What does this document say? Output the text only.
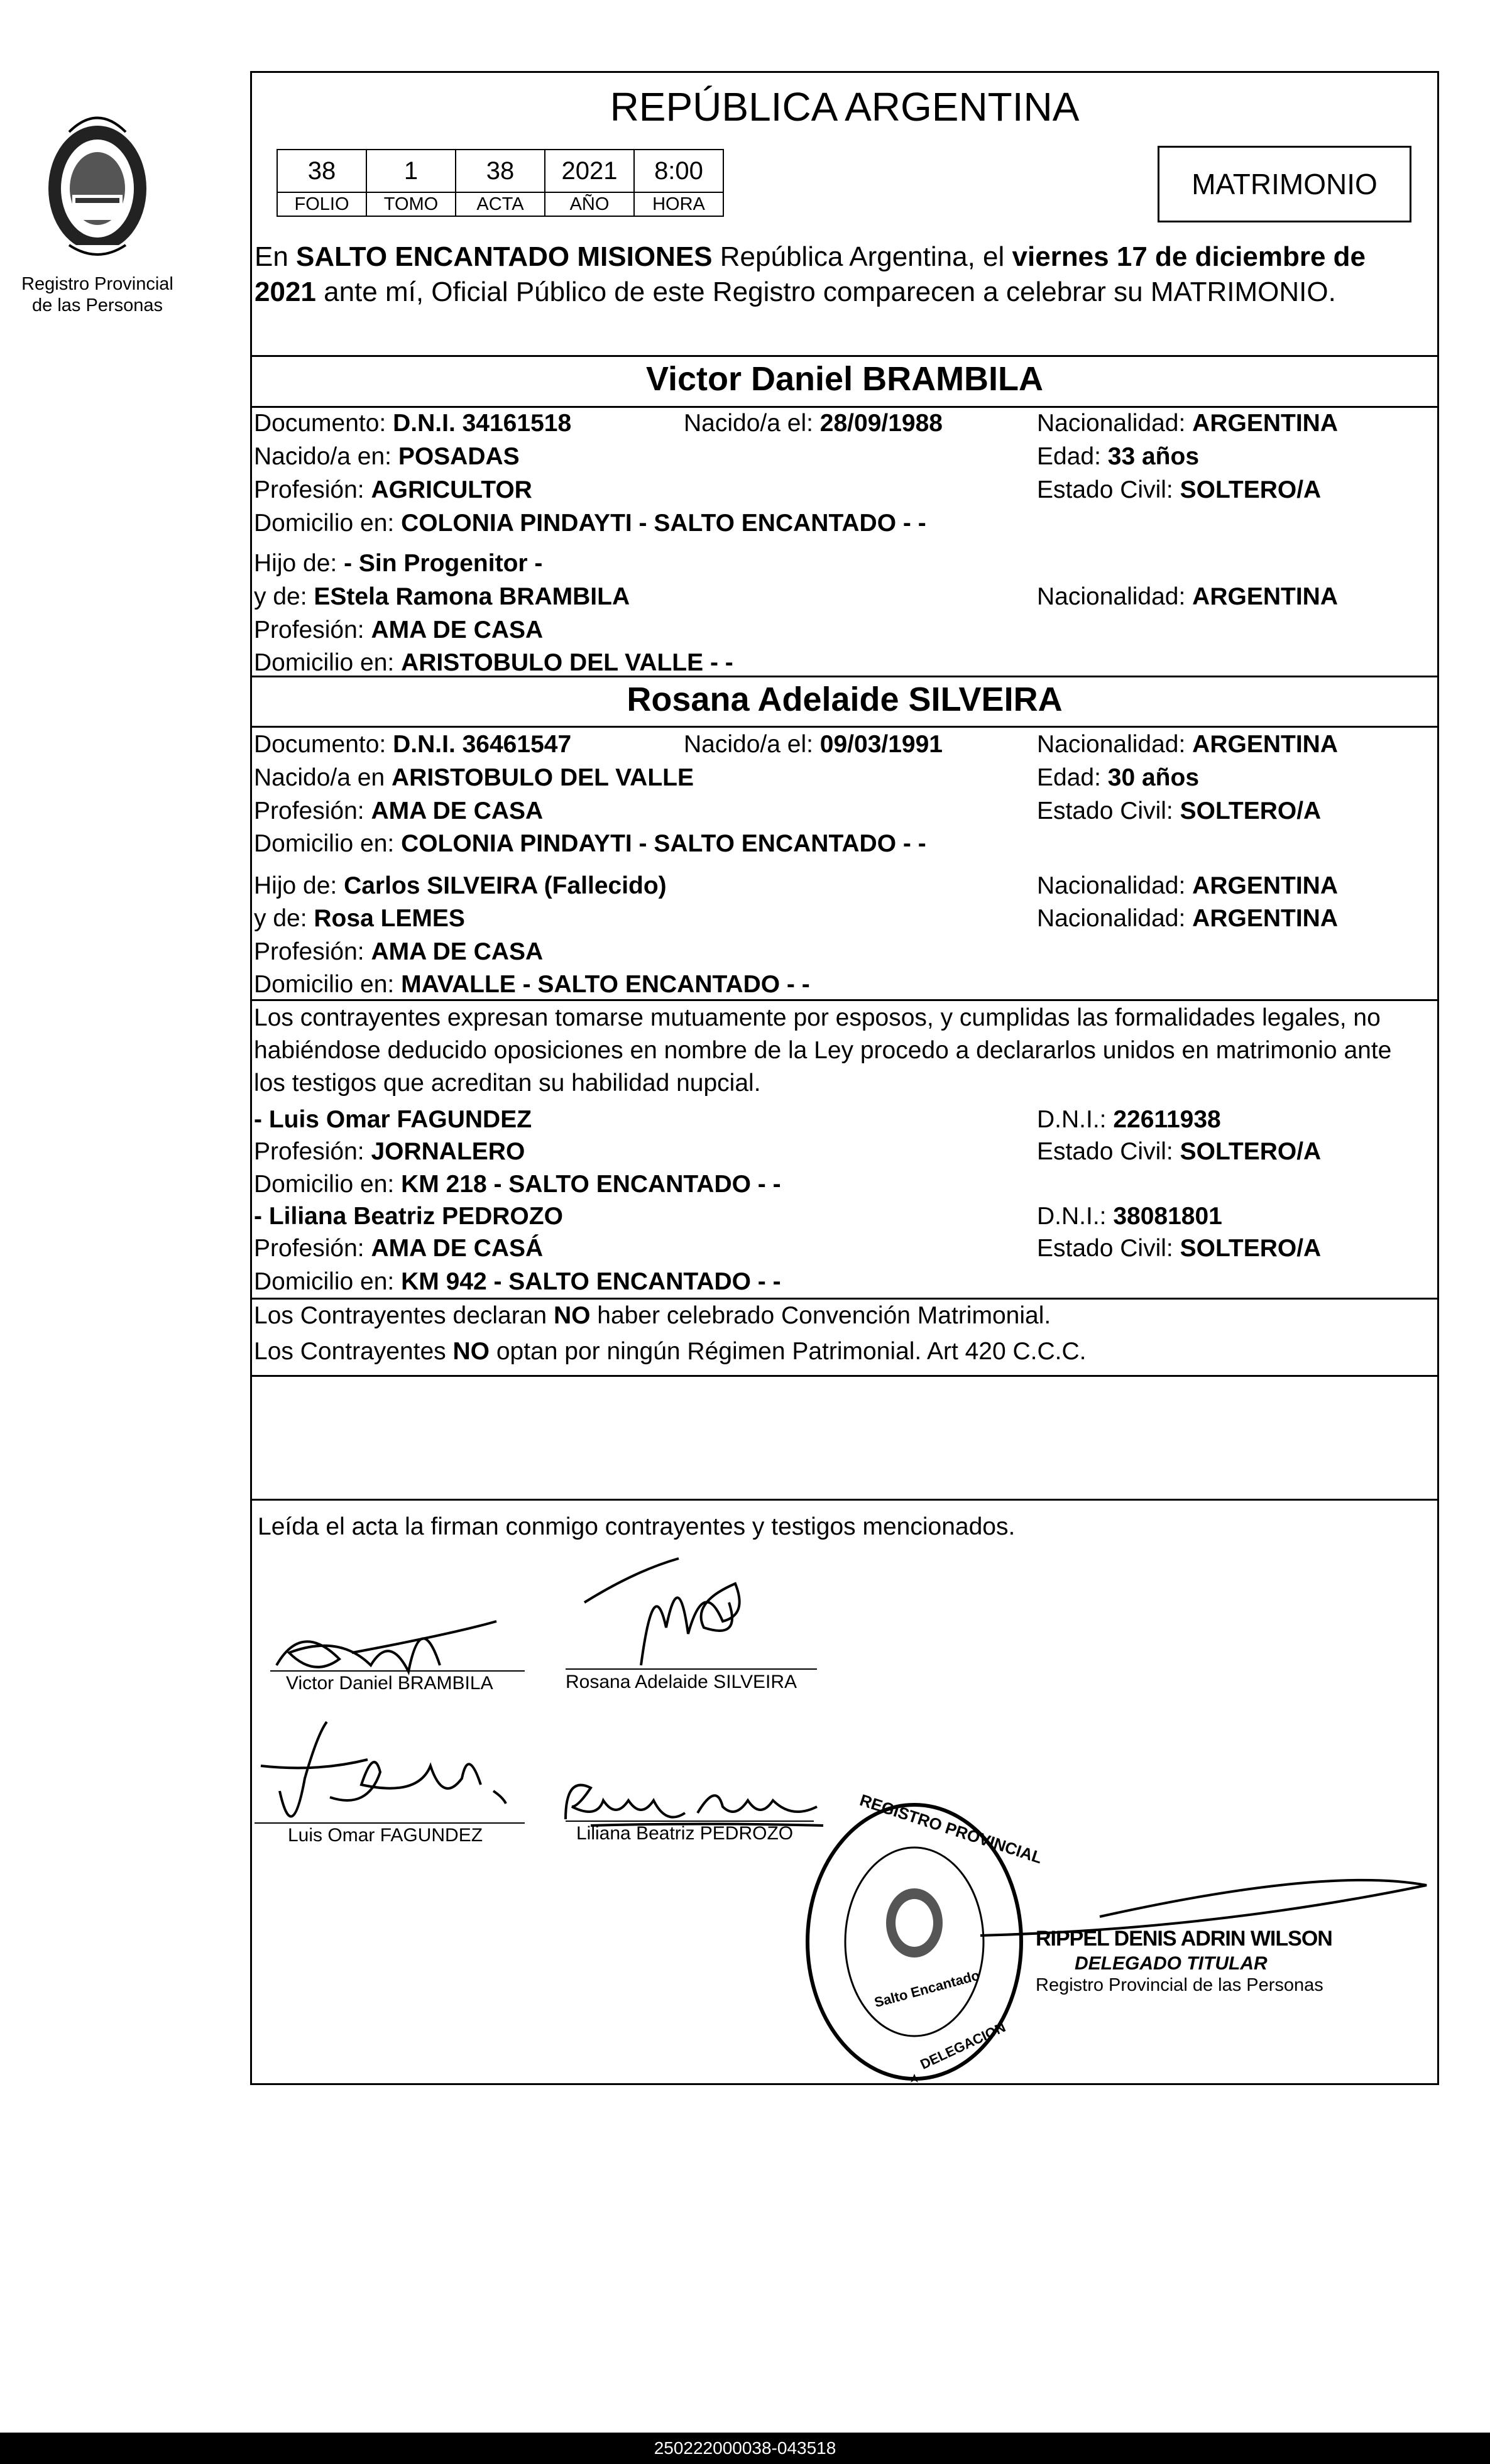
Registro Provincial
de las Personas
REPÚBLICA ARGENTINA
38	1	38	2021	8:00
FOLIO	TOMO	ACTA	AÑO	HORA
MATRIMONIO
En SALTO ENCANTADO MISIONES República Argentina, el viernes 17 de diciembre de
2021 ante mí, Oficial Público de este Registro comparecen a celebrar su MATRIMONIO.
Victor Daniel BRAMBILA
Documento: D.N.I. 34161518	Nacido/a el: 28/09/1988	Nacionalidad: ARGENTINA
Nacido/a en: POSADAS	Edad: 33 años
Profesión: AGRICULTOR	Estado Civil: SOLTERO/A
Domicilio en: COLONIA PINDAYTI - SALTO ENCANTADO - -
Hijo de: - Sin Progenitor -
y de: EStela Ramona BRAMBILA	Nacionalidad: ARGENTINA
Profesión: AMA DE CASA
Domicilio en: ARISTOBULO DEL VALLE - -
Rosana Adelaide SILVEIRA
Documento: D.N.I. 36461547	Nacido/a el: 09/03/1991	Nacionalidad: ARGENTINA
Nacido/a en ARISTOBULO DEL VALLE	Edad: 30 años
Profesión: AMA DE CASA	Estado Civil: SOLTERO/A
Domicilio en: COLONIA PINDAYTI - SALTO ENCANTADO - -
Hijo de: Carlos SILVEIRA (Fallecido)	Nacionalidad: ARGENTINA
y de: Rosa LEMES	Nacionalidad: ARGENTINA
Profesión: AMA DE CASA
Domicilio en: MAVALLE - SALTO ENCANTADO - -
Los contrayentes expresan tomarse mutuamente por esposos, y cumplidas las formalidades legales, no
habiéndose deducido oposiciones en nombre de la Ley procedo a declararlos unidos en matrimonio ante
los testigos que acreditan su habilidad nupcial.
- Luis Omar FAGUNDEZ	D.N.I.: 22611938
Profesión: JORNALERO	Estado Civil: SOLTERO/A
Domicilio en: KM 218 - SALTO ENCANTADO - -
- Liliana Beatriz PEDROZO	D.N.I.: 38081801
Profesión: AMA DE CASÁ	Estado Civil: SOLTERO/A
Domicilio en: KM 942 - SALTO ENCANTADO - -
Los Contrayentes declaran NO haber celebrado Convención Matrimonial.
Los Contrayentes NO optan por ningún Régimen Patrimonial. Art 420 C.C.C.
Leída el acta la firman conmigo contrayentes y testigos mencionados.
Victor Daniel BRAMBILA	Rosana Adelaide SILVEIRA
Luis Omar FAGUNDEZ	Liliana Beatriz PEDROZO	REGISTRO PROVINCIAL
DELEGACION
Salto Encantado
RIPPEL DENIS ADRIN WILSON
DELEGADO TITULAR
Registro Provincial de las Personas
250222000038-043518
